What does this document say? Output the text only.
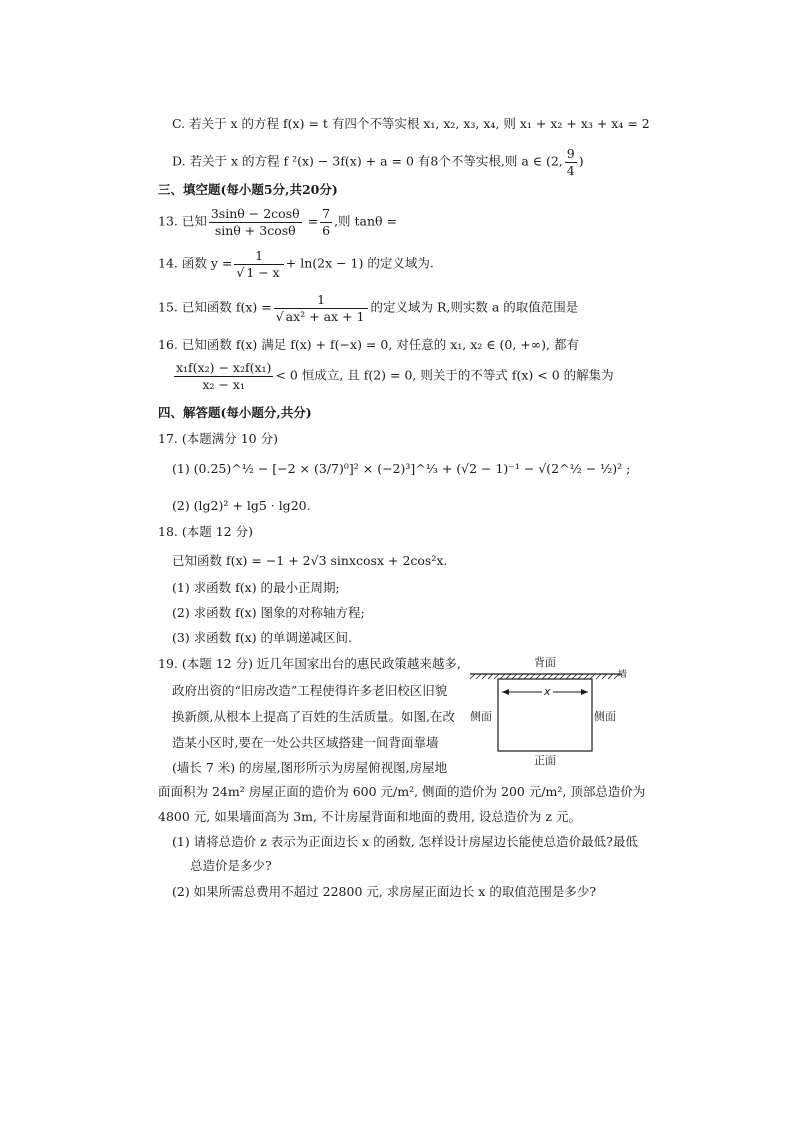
C. 若关于 x 的方程 f(x) = t 有四个不等实根 x₁, x₂, x₃, x₄, 则 x₁ + x₂ + x₃ + x₄ = 2
D. 若关于 x 的方程 f ²(x) − 3f(x) + a = 0 有8个不等实根,则 a ∈ (2, $\frac{9}{4}$ )
三、填空题(每小题5分,共20分)
13. 已知 $\frac{3\sin\theta - 2\cos\theta}{\sin\theta + 3\cos\theta} = \frac{7}{6}$ ,则 tanθ =
14. 函数 $y = \frac{1}{√ 1 - x} + \ln(2x - 1)$ 的定义域为.
15. 已知函数 $f(x) = \frac{1}{\text{√ ax² + ax + 1}}$ 的定义域为 R,则实数 a 的取值范围是
16. 已知函数 f(x) 满足 f(x) + f(−x) = 0, 对任意的 x₁, x₂ ∈ (0, +∞), 都有
$\frac{\text{x₁f(x₂) − x₂f(x₁)}}{\text{x₂ − x₁}} < 0$ 恒成立, 且 f(2) = 0, 则关于的不等式 f(x) < 0 的解集为
四、解答题(每小题分,共分)
17. (本题满分 10 分)
(1) (0.25)^½ − [−2 × (3/7)⁰]² × (−2)³]^⅓ + (√2 − 1)⁻¹ − √(2^½ − ½)² ;
(2) (lg2)² + lg5 · lg20.
18. (本题 12 分)
已知函数 f(x) = −1 + 2√3 sinxcosx + 2cos²x.
(1) 求函数 f(x) 的最小正周期;
(2) 求函数 f(x) 图象的对称轴方程;
(3) 求函数 f(x) 的单调递减区间.
19. (本题 12 分) 近几年国家出台的惠民政策越来越多,
政府出资的“旧房改造”工程使得许多老旧校区旧貌
换新颜,从根本上提高了百姓的生活质量。如图,在改
造某小区时,要在一处公共区域搭建一间背面靠墙
(墙长 7 米) 的房屋,图形所示为房屋俯视图,房屋地
面面积为 24m² 房屋正面的造价为 600 元/m², 侧面的造价为 200 元/m², 顶部总造价为
4800 元, 如果墙面高为 3m, 不计房屋背面和地面的费用, 设总造价为 z 元。
(1) 请将总造价 z 表示为正面边长 x 的函数, 怎样设计房屋边长能使总造价最低?最低
总造价是多少?
(2) 如果所需总费用不超过 22800 元, 求房屋正面边长 x 的取值范围是多少?
背面
墙
x
侧面	侧面
正面
